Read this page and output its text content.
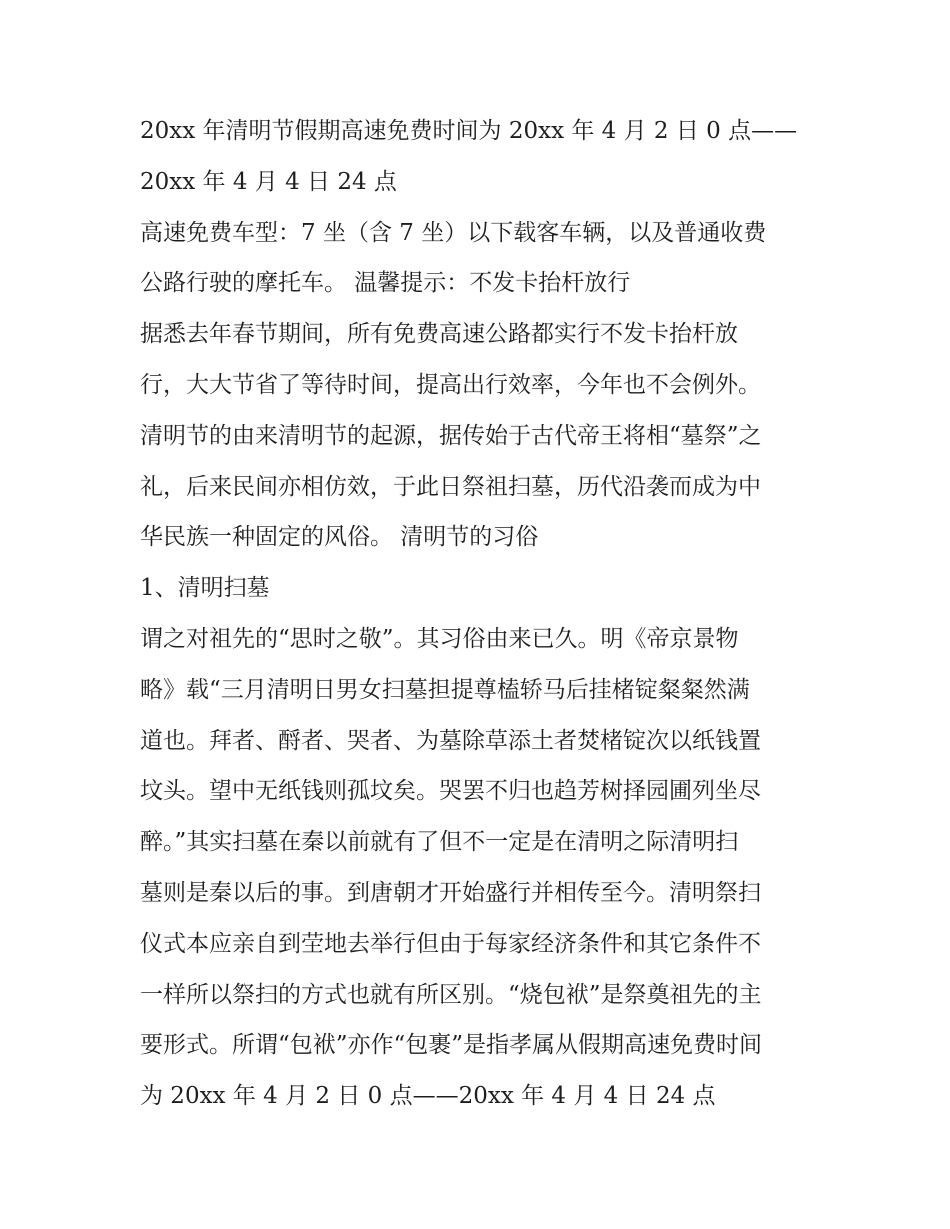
20xx 年清明节假期高速免费时间为 20xx 年 4 月 2 日 0 点——
20xx 年 4 月 4 日 24 点
高速免费车型：7 坐（含 7 坐）以下载客车辆，以及普通收费
公路行驶的摩托车。 温馨提示：不发卡抬杆放行
据悉去年春节期间，所有免费高速公路都实行不发卡抬杆放
行，大大节省了等待时间，提高出行效率，今年也不会例外。
清明节的由来清明节的起源，据传始于古代帝王将相“墓祭”之
礼，后来民间亦相仿效，于此日祭祖扫墓，历代沿袭而成为中
华民族一种固定的风俗。 清明节的习俗
1、清明扫墓
谓之对祖先的“思时之敬”。其习俗由来已久。明《帝京景物
略》载“三月清明日男女扫墓担提尊榼轿马后挂楮锭粲粲然满
道也。拜者、酹者、哭者、为墓除草添土者焚楮锭次以纸钱置
坟头。望中无纸钱则孤坟矣。哭罢不归也趋芳树择园圃列坐尽
醉。”其实扫墓在秦以前就有了但不一定是在清明之际清明扫
墓则是秦以后的事。到唐朝才开始盛行并相传至今。清明祭扫
仪式本应亲自到茔地去举行但由于每家经济条件和其它条件不
一样所以祭扫的方式也就有所区别。“烧包袱”是祭奠祖先的主
要形式。所谓“包袱”亦作“包裹”是指孝属从假期高速免费时间
为 20xx 年 4 月 2 日 0 点——20xx 年 4 月 4 日 24 点
